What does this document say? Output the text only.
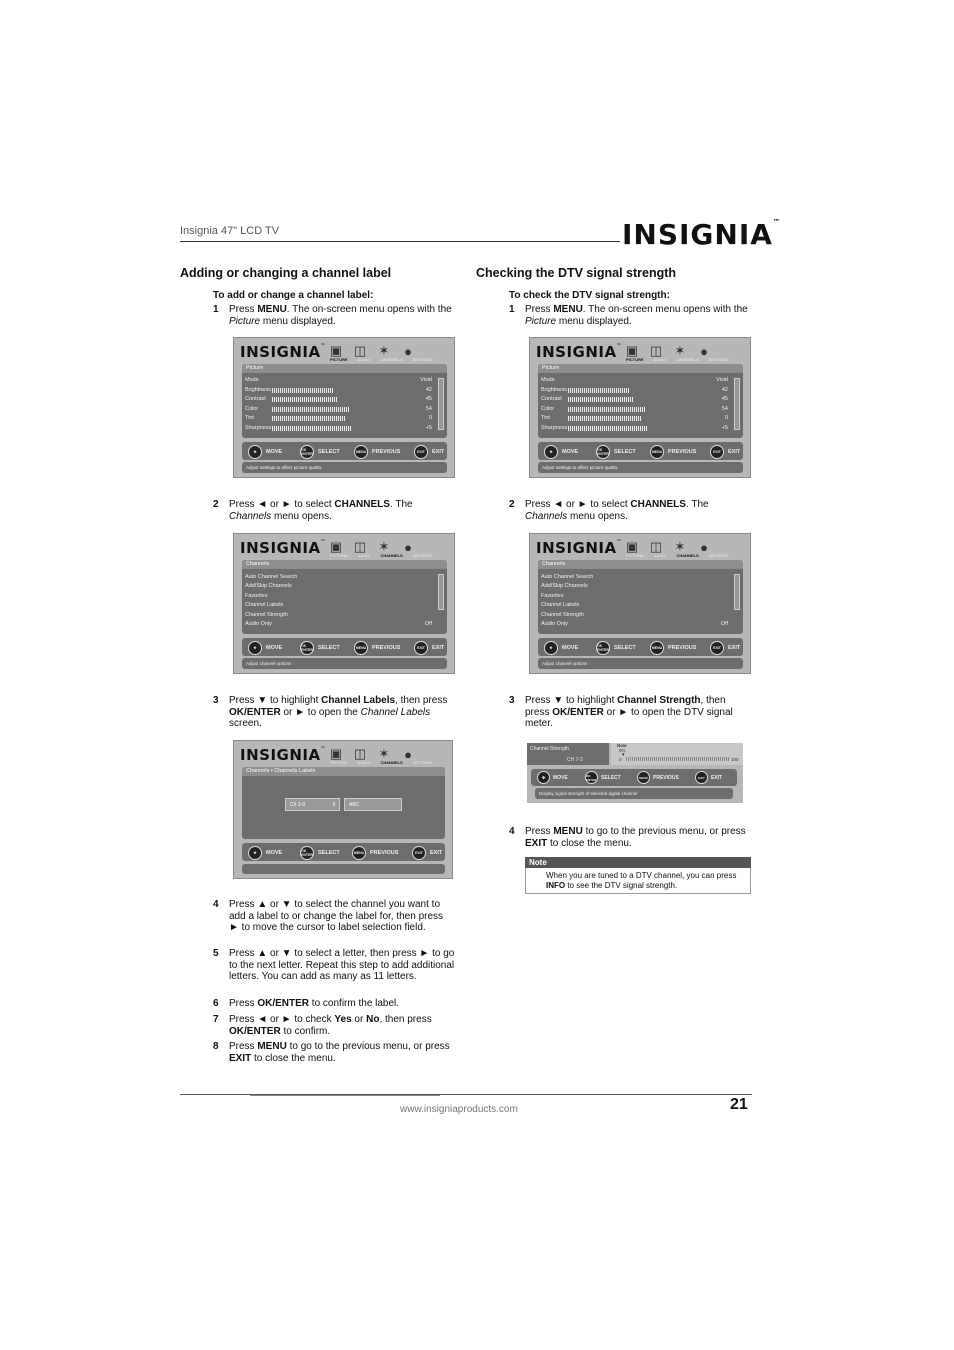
Insignia 47" LCD TV	INSIGNIA™
Adding or changing a channel label
To add or change a channel label:
1 Press MENU. The on-screen menu opens with the Picture menu displayed.
INSIGNIA™ ▣ ◫ ✶	●
PICTURE	AUDIO	CHANNELS	SETTINGS
Picture
Mode	Vivid
Brightness	42
Contrast	45
Color	54
Tint	0
Sharpness	+5
✥	MOVE	OK ENTER SELECT	MENU	PREVIOUS	EXIT	EXIT
Adjust settings to affect picture quality
2 Press ◄ or ► to select CHANNELS. The Channels menu opens.
INSIGNIA™ ▣ ◫ ✶	●
PICTURE	AUDIO	CHANNELS	SETTINGS
Channels
Auto Channel Search
Add/Skip Channels
Favorites
Channel Labels
Channel Strength
Audio Only	Off
✥	MOVE	OK ENTER SELECT	MENU	PREVIOUS	EXIT	EXIT
Adjust channel options
3 Press ▼ to highlight Channel Labels, then press OK/ENTER or ► to open the Channel Labels screen.
INSIGNIA™ ▣ ◫ ✶	●
PICTURE	AUDIO	CHANNELS	SETTINGS
Channels • Channels Labels
Ch 3-8	⇕	ABC
✥	MOVE	OK ENTER SELECT	MENU	PREVIOUS	EXIT	EXIT
4 Press ▲ or ▼ to select the channel you want to add a label to or change the label for, then press ► to move the cursor to label selection field.
5 Press ▲ or ▼ to select a letter, then press ► to go to the next letter. Repeat this step to add additional letters. You can add as many as 11 letters.
6 Press OK/ENTER to confirm the label.
7 Press ◄ or ► to check Yes or No, then press OK/ENTER to confirm.
8 Press MENU to go to the previous menu, or press EXIT to close the menu.
Checking the DTV signal strength
To check the DTV signal strength:
1 Press MENU. The on-screen menu opens with the Picture menu displayed.
INSIGNIA™ ▣ ◫ ✶	●
PICTURE	AUDIO	CHANNELS	SETTINGS
Picture
Mode	Vivid
Brightness	42
Contrast	45
Color	54
Tint	0
Sharpness	+5
✥	MOVE	OK ENTER SELECT	MENU	PREVIOUS	EXIT	EXIT
Adjust settings to affect picture quality
2 Press ◄ or ► to select CHANNELS. The Channels menu opens.
INSIGNIA™ ▣ ◫ ✶	●
PICTURE	AUDIO	CHANNELS	SETTINGS
Channels
Auto Channel Search
Add/Skip Channels
Favorites
Channel Labels
Channel Strength
Audio Only	Off
✥	MOVE	OK ENTER SELECT	MENU	PREVIOUS	EXIT	EXIT
Adjust channel options
3 Press ▼ to highlight Channel Strength, then press OK/ENTER or ► to open the DTV signal meter.
Channel Strength
CH 7-3
Now
0%
▼
0	100
✥	MOVE	OK ENTER SELECT	MENU	PREVIOUS	EXIT	EXIT
Display signal strength of selected digital channel
4 Press MENU to go to the previous menu, or press EXIT to close the menu.
Note
When you are tuned to a DTV channel, you can press INFO to see the DTV signal strength.
www.insigniaproducts.com	21
